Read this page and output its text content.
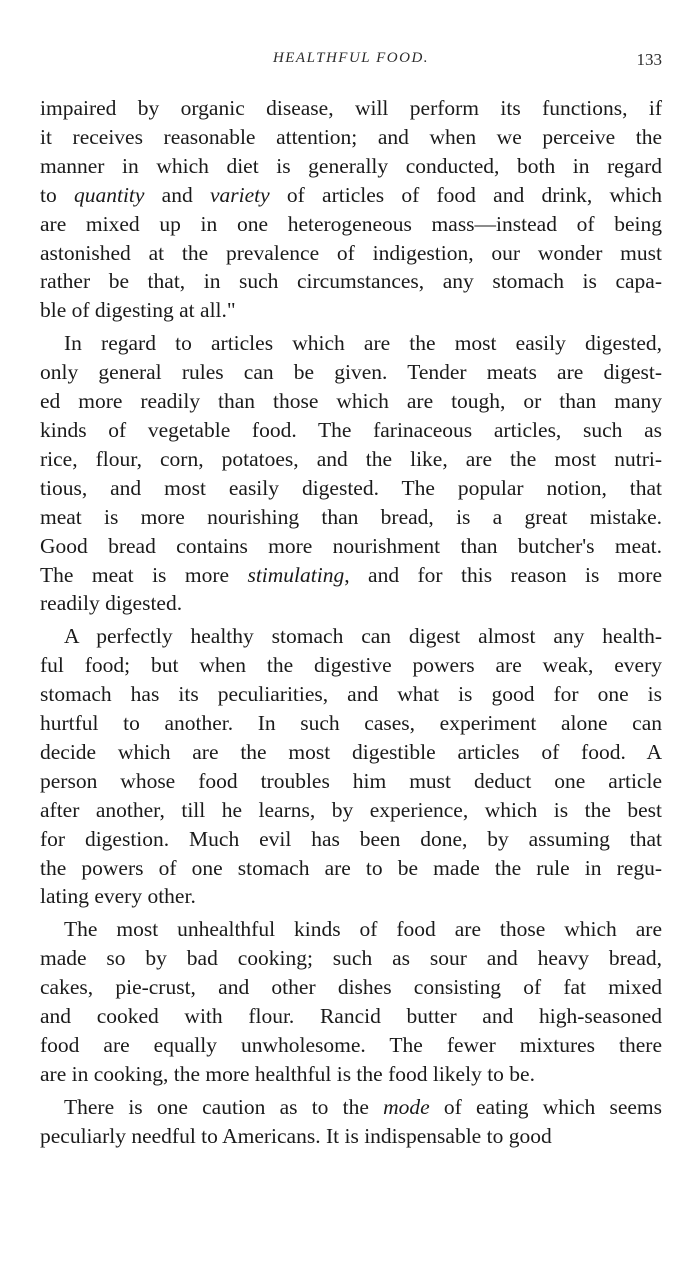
HEALTHFUL FOOD.	133

impaired by organic disease, will perform its functions, if
it receives reasonable attention; and when we perceive the
manner in which diet is generally conducted, both in regard
to quantity and variety of articles of food and drink, which
are mixed up in one heterogeneous mass—instead of being
astonished at the prevalence of indigestion, our wonder must
rather be that, in such circumstances, any stomach is capa-
ble of digesting at all."

In regard to articles which are the most easily digested,
only general rules can be given. Tender meats are digest-
ed more readily than those which are tough, or than many
kinds of vegetable food. The farinaceous articles, such as
rice, flour, corn, potatoes, and the like, are the most nutri-
tious, and most easily digested. The popular notion, that
meat is more nourishing than bread, is a great mistake.
Good bread contains more nourishment than butcher's meat.
The meat is more stimulating, and for this reason is more
readily digested.

A perfectly healthy stomach can digest almost any health-
ful food; but when the digestive powers are weak, every
stomach has its peculiarities, and what is good for one is
hurtful to another. In such cases, experiment alone can
decide which are the most digestible articles of food. A
person whose food troubles him must deduct one article
after another, till he learns, by experience, which is the best
for digestion. Much evil has been done, by assuming that
the powers of one stomach are to be made the rule in regu-
lating every other.

The most unhealthful kinds of food are those which are
made so by bad cooking; such as sour and heavy bread,
cakes, pie-crust, and other dishes consisting of fat mixed
and cooked with flour. Rancid butter and high-seasoned
food are equally unwholesome. The fewer mixtures there
are in cooking, the more healthful is the food likely to be.

There is one caution as to the mode of eating which seems
peculiarly needful to Americans. It is indispensable to good
